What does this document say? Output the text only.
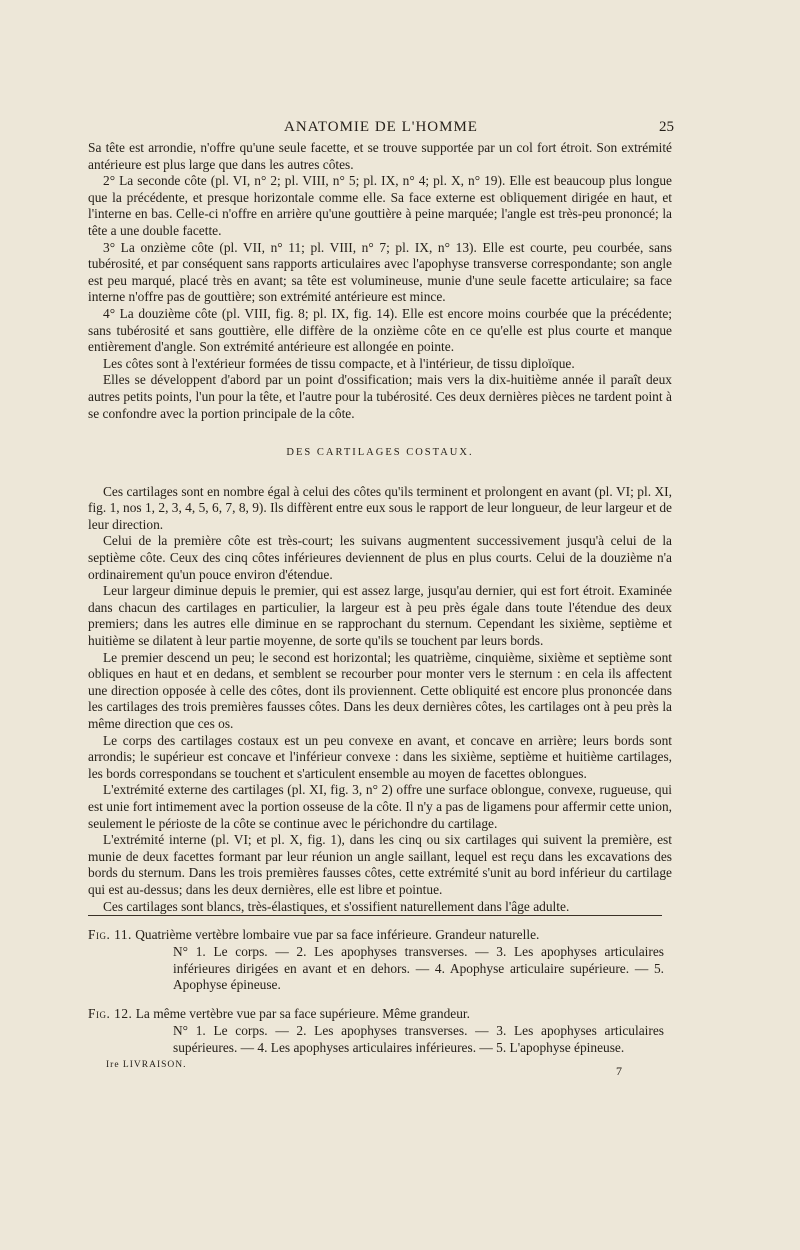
ANATOMIE DE L'HOMME	25

Sa tête est arrondie, n'offre qu'une seule facette, et se trouve supportée par un col fort étroit. Son extrémité antérieure est plus large que dans les autres côtes.

2° La seconde côte (pl. VI, n° 2; pl. VIII, n° 5; pl. IX, n° 4; pl. X, n° 19). Elle est beaucoup plus longue que la précédente, et presque horizontale comme elle. Sa face externe est obliquement dirigée en haut, et l'interne en bas. Celle-ci n'offre en arrière qu'une gouttière à peine marquée; l'angle est très-peu prononcé; la tête a une double facette.

3° La onzième côte (pl. VII, n° 11; pl. VIII, n° 7; pl. IX, n° 13). Elle est courte, peu courbée, sans tubérosité, et par conséquent sans rapports articulaires avec l'apophyse transverse correspondante; son angle est peu marqué, placé très en avant; sa tête est volumineuse, munie d'une seule facette articulaire; sa face interne n'offre pas de gouttière; son extrémité antérieure est mince.

4° La douzième côte (pl. VIII, fig. 8; pl. IX, fig. 14). Elle est encore moins courbée que la précédente; sans tubérosité et sans gouttière, elle diffère de la onzième côte en ce qu'elle est plus courte et manque entièrement d'angle. Son extrémité antérieure est allongée en pointe.

Les côtes sont à l'extérieur formées de tissu compacte, et à l'intérieur, de tissu diploïque.

Elles se développent d'abord par un point d'ossification; mais vers la dix-huitième année il paraît deux autres petits points, l'un pour la tête, et l'autre pour la tubérosité. Ces deux dernières pièces ne tardent point à se confondre avec la portion principale de la côte.

DES CARTILAGES COSTAUX.

Ces cartilages sont en nombre égal à celui des côtes qu'ils terminent et prolongent en avant (pl. VI; pl. XI, fig. 1, nos 1, 2, 3, 4, 5, 6, 7, 8, 9). Ils diffèrent entre eux sous le rapport de leur longueur, de leur largeur et de leur direction.

Celui de la première côte est très-court; les suivans augmentent successivement jusqu'à celui de la septième côte. Ceux des cinq côtes inférieures deviennent de plus en plus courts. Celui de la douzième n'a ordinairement qu'un pouce environ d'étendue.

Leur largeur diminue depuis le premier, qui est assez large, jusqu'au dernier, qui est fort étroit. Examinée dans chacun des cartilages en particulier, la largeur est à peu près égale dans toute l'étendue des deux premiers; dans les autres elle diminue en se rapprochant du sternum. Cependant les sixième, septième et huitième se dilatent à leur partie moyenne, de sorte qu'ils se touchent par leurs bords.

Le premier descend un peu; le second est horizontal; les quatrième, cinquième, sixième et septième sont obliques en haut et en dedans, et semblent se recourber pour monter vers le sternum : en cela ils affectent une direction opposée à celle des côtes, dont ils proviennent. Cette obliquité est encore plus prononcée dans les cartilages des trois premières fausses côtes. Dans les deux dernières côtes, les cartilages ont à peu près la même direction que ces os.

Le corps des cartilages costaux est un peu convexe en avant, et concave en arrière; leurs bords sont arrondis; le supérieur est concave et l'inférieur convexe : dans les sixième, septième et huitième cartilages, les bords correspondans se touchent et s'articulent ensemble au moyen de facettes oblongues.

L'extrémité externe des cartilages (pl. XI, fig. 3, n° 2) offre une surface oblongue, convexe, rugueuse, qui est unie fort intimement avec la portion osseuse de la côte. Il n'y a pas de ligamens pour affermir cette union, seulement le périoste de la côte se continue avec le périchondre du cartilage.

L'extrémité interne (pl. VI; et pl. X, fig. 1), dans les cinq ou six cartilages qui suivent la première, est munie de deux facettes formant par leur réunion un angle saillant, lequel est reçu dans les excavations des bords du sternum. Dans les trois premières fausses côtes, cette extrémité s'unit au bord inférieur du cartilage qui est au-dessus; dans les deux dernières, elle est libre et pointue.

Ces cartilages sont blancs, très-élastiques, et s'ossifient naturellement dans l'âge adulte.

Fig. 11. Quatrième vertèbre lombaire vue par sa face inférieure. Grandeur naturelle.

N° 1. Le corps. — 2. Les apophyses transverses. — 3. Les apophyses articulaires inférieures dirigées en avant et en dehors. — 4. Apophyse articulaire supérieure. — 5. Apophyse épineuse.

Fig. 12. La même vertèbre vue par sa face supérieure. Même grandeur.

N° 1. Le corps. — 2. Les apophyses transverses. — 3. Les apophyses articulaires supérieures. — 4. Les apophyses articulaires inférieures. — 5. L'apophyse épineuse.

Ire LIVRAISON.	7
